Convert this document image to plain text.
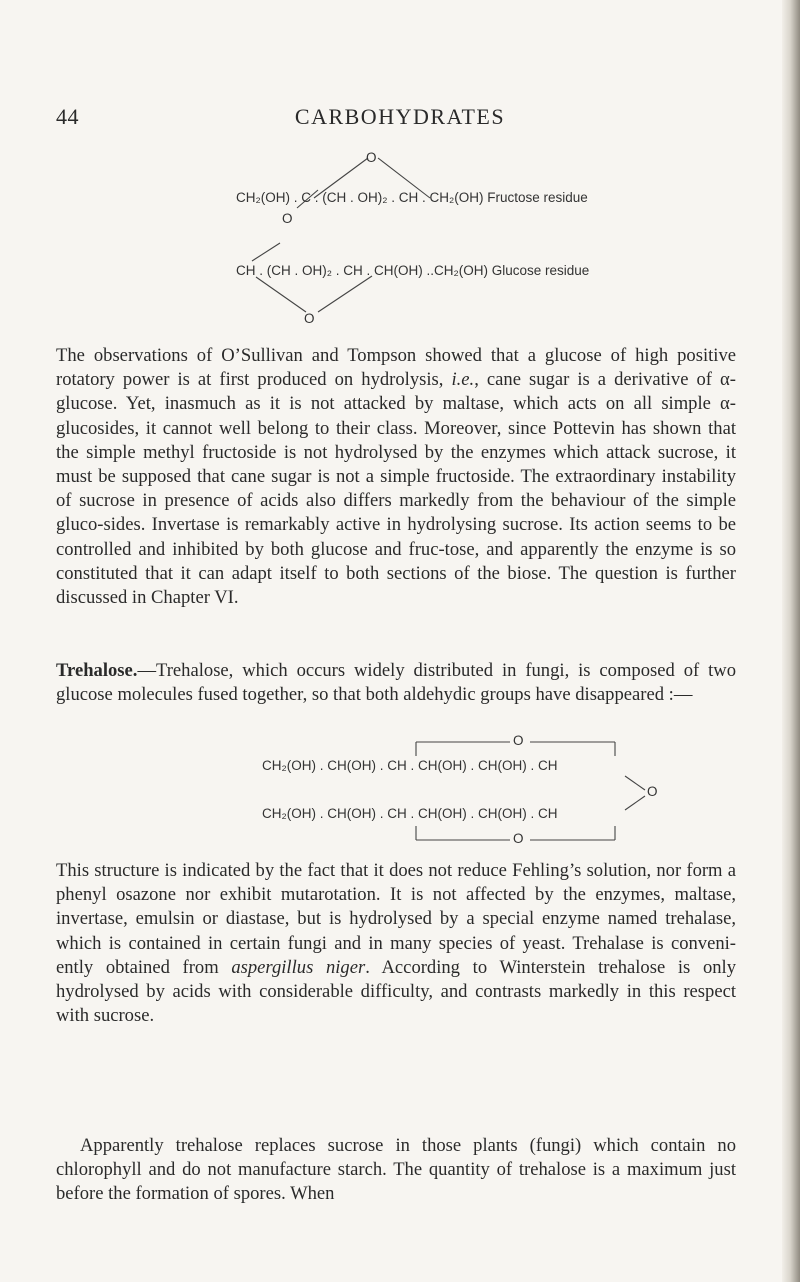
44	CARBOHYDRATES
O
CH₂(OH) . C . (CH . OH)₂ . CH . CH₂(OH) Fructose residue
O
CH . (CH . OH)₂ . CH . CH(OH) ..CH₂(OH) Glucose residue
O

The observations of O’Sullivan and Tompson showed that a glucose of high positive rotatory power is at first produced on hydrolysis, i.e., cane sugar is a derivative of α-glucose. Yet, inasmuch as it is not attacked by maltase, which acts on all simple α-glucosides, it cannot well belong to their class. Moreover, since Pottevin has shown that the simple methyl fructoside is not hydrolysed by the enzymes which attack sucrose, it must be supposed that cane sugar is not a simple fructoside. The extraordinary instability of sucrose in presence of acids also differs markedly from the behaviour of the simple gluco-sides. Invertase is remarkably active in hydrolysing sucrose. Its action seems to be controlled and inhibited by both glucose and fruc-tose, and apparently the enzyme is so constituted that it can adapt itself to both sections of the biose. The question is further discussed in Chapter VI.

Trehalose.—Trehalose, which occurs widely distributed in fungi, is composed of two glucose molecules fused together, so that both aldehydic groups have disappeared :—

O
CH₂(OH) . CH(OH) . CH . CH(OH) . CH(OH) . CH
O
CH₂(OH) . CH(OH) . CH . CH(OH) . CH(OH) . CH
O

This structure is indicated by the fact that it does not reduce Fehling’s solution, nor form a phenyl osazone nor exhibit mutarotation. It is not affected by the enzymes, maltase, invertase, emulsin or diastase, but is hydrolysed by a special enzyme named trehalase, which is contained in certain fungi and in many species of yeast. Trehalase is conveni-ently obtained from aspergillus niger. According to Winterstein trehalose is only hydrolysed by acids with considerable difficulty, and contrasts markedly in this respect with sucrose.

Apparently trehalose replaces sucrose in those plants (fungi) which contain no chlorophyll and do not manufacture starch. The quantity of trehalose is a maximum just before the formation of spores. When
